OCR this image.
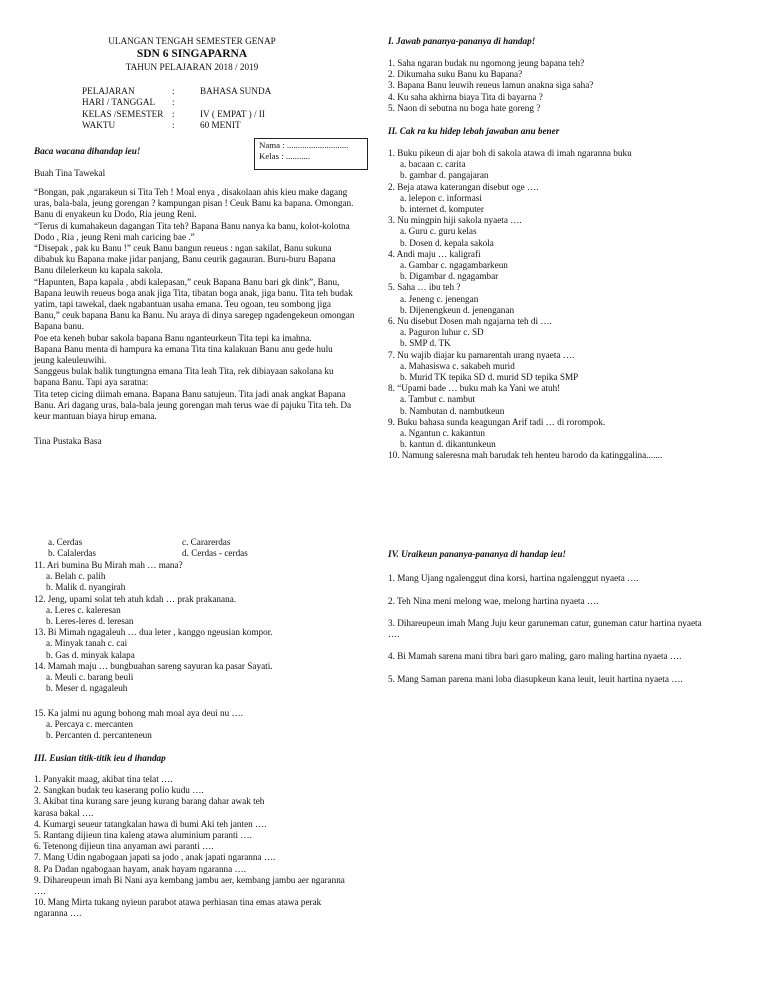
ULANGAN TENGAH SEMESTER GENAP
SDN 6 SINGAPARNA
TAHUN PELAJARAN 2018 / 2019
PELAJARAN	:	BAHASA SUNDA
HARI / TANGGAL	:
KELAS /SEMESTER :	IV ( EMPAT ) / II
WAKTU	:	60 MENIT
Nama : ............................
Kelas : ...........
Baca wacana dihandap ieu!
Buah Tina Tawekal
“Bongan, pak ,ngarakeun si Tita Teh ! Moal enya , disakolaan ahis kieu make dagang
uras, bala-bala, jeung gorengan ? kampungan pisan ! Ceuk Banu ka bapana. Omongan.
Banu di enyakeun ku Dodo, Ria jeung Reni.
“Terus di kumahakeun dagangan Tita teh? Bapana Banu nanya ka banu, kolot-kolotna
Dodo , Ria , jeung Reni mah caricing bae .”
“Disepak , pak ku Banu !” ceuk Banu bangun reueus : ngan sakilat, Banu sukuna
dibabuk ku Bapana make jidar panjang, Banu ceurik gagauran. Buru-buru Bapana
Banu dilelerkeun ku kapala sakola.
“Hapunten, Bapa kapala , abdi kalepasan,” ceuk Bapana Banu bari gk dink”, Banu,
Bapana leuwih reueus boga anak jiga Tita, tibatan boga anak, jiga banu. Tita teh budak
yatim, tapi tawekal, daek ngabantuan usaha emana. Teu ogoan, teu sombong jiga
Banu,” ceuk bapana Banu ka Banu. Nu araya di dinya saregep ngadengekeun omongan
Bapana banu.
Poe eta keneh bubar sakola bapana Banu nganteurkeun Tita tepi ka imahna.
Bapana Banu menta di hampura ka emana Tita tina kalakuan Banu anu gede hulu
jeung kaleuleuwihi.
Sanggeus bulak balik tungtungna emana Tita leah Tita, rek dibiayaan sakolana ku
bapana Banu. Tapi aya saratna:
Tita tetep cicing diimah emana. Bapana Banu satujeun. Tita jadi anak angkat Bapana
Banu. Ari dagang uras, bala-bala jeung gorengan mah terus wae di pajuku Tita teh. Da
keur mantuan biaya hirup emana.
Tina Pustaka Basa
I. Jawab pananya-pananya di handap!
1. Saha ngaran budak nu ngomong jeung bapana teh?
2. Dikumaha suku Banu ku Bapana?
3. Bapana Banu leuwih reueus lamun anakna siga saha?
4. Ku saha akhirna biaya Tita di bayarna ?
5. Naon di sebutna nu boga hate goreng ?
II. Cak ra ku hidep lebah jawaban anu bener
1. Buku pikeun di ajar boh di sakola atawa di imah ngaranna buku
a. bacaan c. carita
b. gambar d. pangajaran
2. Beja atawa katerangan disebut oge ….
a. lelepon c. informasi
b. internet d. komputer
3. Nu mingpin hiji sakola nyaeta ….
a. Guru c. guru kelas
b. Dosen d. kepala sakola
4. Andi maju … kaligrafi
a. Gambar c. ngagambarkeun
b. Digambar d. ngagambar
5. Saha … ibu teh ?
a. Jeneng c. jenengan
b. Dijenengkeun d. jenenganan
6. Nu disebut Dosen mah ngajarna teh di ….
a. Paguron luhur c. SD
b. SMP d. TK
7. Nu wajib diajar ku pamarentah urang nyaeta ….
a. Mahasiswa c. sakabeh murid
b. Murid TK tepika SD d. murid SD tepika SMP
8. “Upami bade … buku mah ka Yani we atuh!
a. Tambut c. nambut
b. Nambutan d. nambutkeun
9. Buku bahasa sunda keagungan Arif tadi … di rorompok.
a. Ngantun c. kakantun
b. kantun d. dikantunkeun
10. Namung saleresna mah barudak teh henteu barodo da katinggalina.......
a. Cerdas	c. Cararerdas
b. Calalerdas	d. Cerdas - cerdas
11. Ari bumina Bu Mirah mah … mana?
a. Belah c. palih
b. Malik d. nyangirah
12. Jeng, upami solat teh atuh kdah … prak prakanana.
a. Leres c. kaleresan
b. Leres-leres d. leresan
13. Bi Mimah ngagaleuh … dua leter , kanggo ngeusian kompor.
a. Minyak tanah c. cai
b. Gas d. minyak kalapa
14. Mamah maju … bungbuahan sareng sayuran ka pasar Sayati.
a. Meuli c. barang beuli
b. Meser d. ngagaleuh
15. Ka jalmi nu agung bohong mah moal aya deui nu ….
a. Percaya c. mercanten
b. Percanten d. percanteneun
III. Eusian titik-titik ieu d ihandap
1. Panyakit maag, akibat tina telat ….
2. Sangkan budak teu kaserang polio kudu ….
3. Akibat tina kurang sare jeung kurang barang dahar awak teh
karasa bakal ….
4. Kumargi seueur tatangkalan hawa di bumi Aki teh janten ….
5. Rantang dijieun tina kaleng atawa aluminium paranti ….
6. Tetenong dijieun tina anyaman awi paranti ….
7. Mang Udin ngabogaan japati sa jodo , anak japati ngaranna ….
8. Pa Dadan ngabogaan hayam, anak hayam ngaranna ….
9. Dihareupeun imah Bi Nani aya kembang jambu aer, kembang jambu aer ngaranna
….
10. Mang Mirta tukang nyieun parabot atawa perhiasan tina emas atawa perak
ngaranna ….
IV. Uraikeun pananya-pananya di handap ieu!
1. Mang Ujang ngalenggut dina korsi, hartina ngalenggut nyaeta ….
2. Teh Nina meni melong wae, melong hartina nyaeta ….
3. Dihareupeun imah Mang Juju keur garuneman catur, guneman catur hartina nyaeta
….
4. Bi Mamah sarena mani tibra bari garo maling, garo maling hartina nyaeta ….
5. Mang Saman parena mani loba diasupkeun kana leuit, leuit hartina nyaeta ….
